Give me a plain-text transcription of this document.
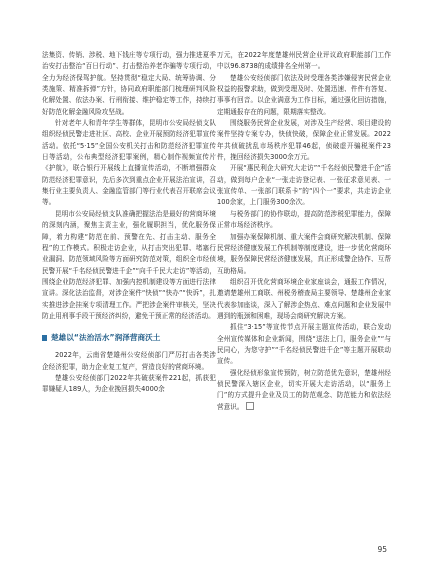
法集资、传销、涉税、地下钱庄等专项行动，强力推进夏季治安打击整治“百日行动”、打击整治养老诈骗等专项行动，全力为经济保驾护航。坚持贯彻“稳定大局、统筹协调、分类施策、精准拆弹”方针，协同政府职能部门梳理研判风险化解处置、依法办案、行刑衔接、维护稳定等工作，持续打好防范化解金融风险攻坚战。

针对老年人和青年学生等群体，昆明市公安局经侦支队组织经侦民警走进社区、高校、企业开展预防经济犯罪宣传活动。依托“5·15”全国公安机关打击和防范经济犯罪宣传日等活动，公布典型经济犯罪案例，精心制作视频宣传片《护航》，联合银行开展线上直播宣传活动，不断增强群众防范经济犯罪意识，先后多次到重点企业开展法治宣讲，召集行业主要负责人、金融监管部门等行业代表召开联席会议等。

昆明市公安局经侦支队准确把握法治是最好的营商环境的深刻内涵，聚焦主责主业，强化履职担当，优化服务保障，着力构建“防范在前、预警在先、打击主动、服务全程”的工作模式。积极走访企业，从打击突出犯罪、堵塞行业漏洞、防范领域风险等方面研究防范对策，组织全市经侦民警开展“千名经侦民警进千企”“向千千民大走访”等活动，围绕企业防范经济犯罪、加强内控机制建设等方面进行法律宣讲。深化法治监督，对涉企案件“快侦”“快办”“快诉”，扎实推进涉企挂案专项清理工作。严把涉企案件审核关，坚决防止用刑事手段干预经济纠纷，避免干预正常的经济活动。

楚雄以“法治活水”润泽营商沃土

2022年，云南省楚雄州公安经侦部门严厉打击各类涉企经济犯罪，助力企业复工复产，营造良好的营商环境。

楚雄公安经侦部门2022年共破获案件221起，抓获犯罪嫌疑人189人，为企业挽回损失4000余

万元，在2022年度楚雄州民营企业评议政府职能部门工作中以96.8738的成绩排名全州第一。

楚雄公安经侦部门依法及时受理各类涉嫌侵害民营企业权益的报警求助，做到受理及时、处置迅速、件件有答复、事事有回音。以企业满意为工作目标，通过强化回访措施，定期通报存在的问题，限期落实整改。

围绕服务民营企业发展，对涉及生产经营、项目建设的案件坚持专案专办，快侦快破，保障企业正常发展。2022年共侦破扰乱市场秩序犯罪46起，侦破虚开骗税案件23件，挽回经济损失3000余万元。

开展“惠民利企大研究大走访”“千名经侦民警进千企”活动，做到每户企业“一张走访登记表、一张征求意见表、一张宣传单、一张部门联系卡”的“四个一”要求，共走访企业100余家，上门服务300余次。

与税务部门的协作联动，提高防范涉税犯罪能力，保障正常市场经济秩序。

加强办案保障机制、重大案件会商研究解决机制、保障民营经济健康发展工作机制等制度建设，进一步优化营商环境，服务保障民营经济健康发展，真正形成警企协作、互帮互助格局。

组织召开优化营商环境企业家座谈会，通报工作情况，邀请楚雄州工商联、州税务稽查局主要领导、楚雄州企业家代表参加座谈，深入了解涉企热点、难点问题和企业发展中遇到的瓶颈和困难，现场会商研究解决方案。

抓住“3·15”等宣传节点开展主题宣传活动，联合发动全州宣传媒体和企业新闻，围绕“送法上门，服务企业”“与民同心，为您守护”“千名经侦民警进千企”等主题开展联动宣传。

强化经侦形象宣传预防，树立防范优先意识，楚雄州经侦民警深入辖区企业，切实开展大走访活动，以“服务上门”的方式提升企业及员工的防范观念、防范能力和依法经营意识。

95
